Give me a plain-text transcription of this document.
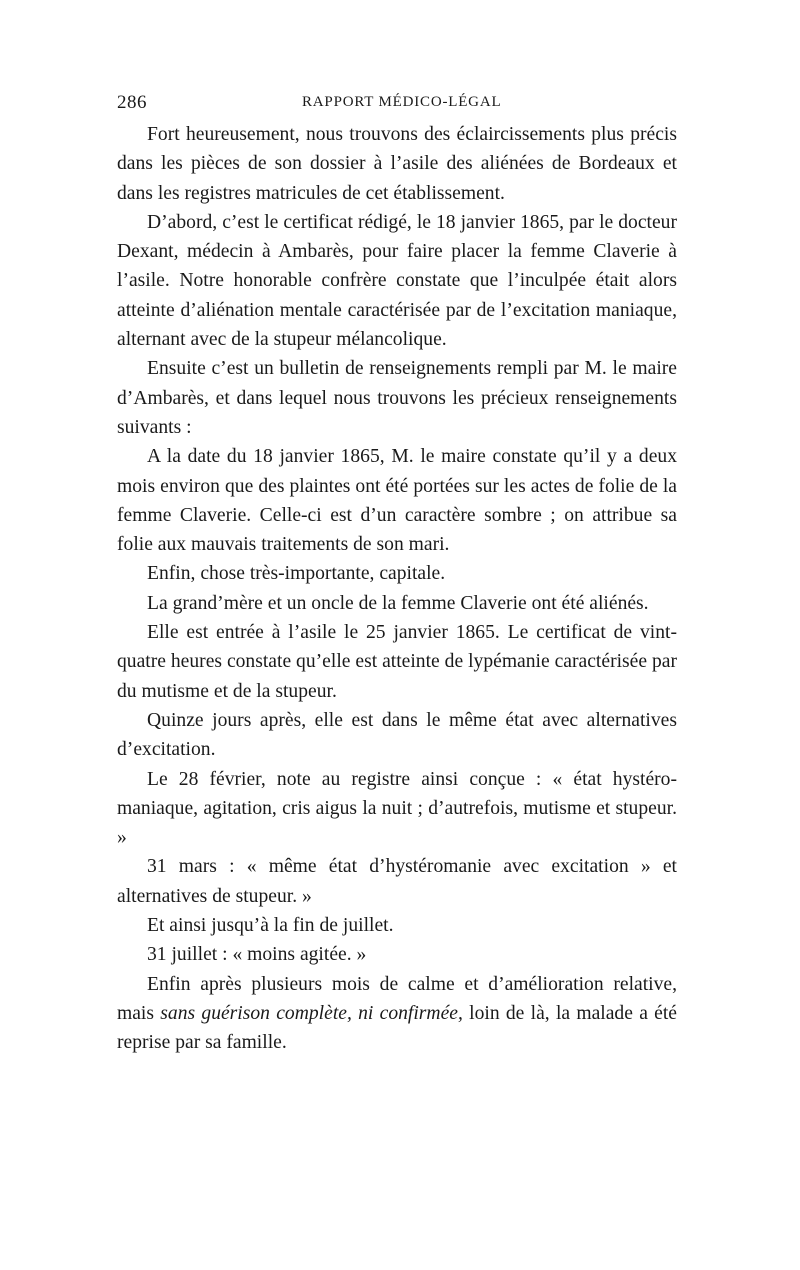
286	RAPPORT MÉDICO-LÉGAL

Fort heureusement, nous trouvons des éclaircissements plus précis dans les pièces de son dossier à l’asile des aliénées de Bordeaux et dans les registres matricules de cet établissement.

D’abord, c’est le certificat rédigé, le 18 janvier 1865, par le docteur Dexant, médecin à Ambarès, pour faire placer la femme Claverie à l’asile. Notre honorable confrère constate que l’inculpée était alors atteinte d’aliénation mentale caractérisée par de l’excitation maniaque, alternant avec de la stupeur mélancolique.

Ensuite c’est un bulletin de renseignements rempli par M. le maire d’Ambarès, et dans lequel nous trouvons les précieux renseignements suivants :

A la date du 18 janvier 1865, M. le maire constate qu’il y a deux mois environ que des plaintes ont été portées sur les actes de folie de la femme Claverie. Celle-ci est d’un caractère sombre ; on attribue sa folie aux mauvais traitements de son mari.

Enfin, chose très-importante, capitale.

La grand’mère et un oncle de la femme Claverie ont été aliénés.

Elle est entrée à l’asile le 25 janvier 1865. Le certificat de vint-quatre heures constate qu’elle est atteinte de lypémanie caractérisée par du mutisme et de la stupeur.

Quinze jours après, elle est dans le même état avec alternatives d’excitation.

Le 28 février, note au registre ainsi conçue : « état hystéro-maniaque, agitation, cris aigus la nuit ; d’autrefois, mutisme et stupeur. »

31 mars : « même état d’hystéromanie avec excitation » et alternatives de stupeur. »

Et ainsi jusqu’à la fin de juillet.

31 juillet : « moins agitée. »

Enfin après plusieurs mois de calme et d’amélioration relative, mais sans guérison complète, ni confirmée, loin de là, la malade a été reprise par sa famille.
